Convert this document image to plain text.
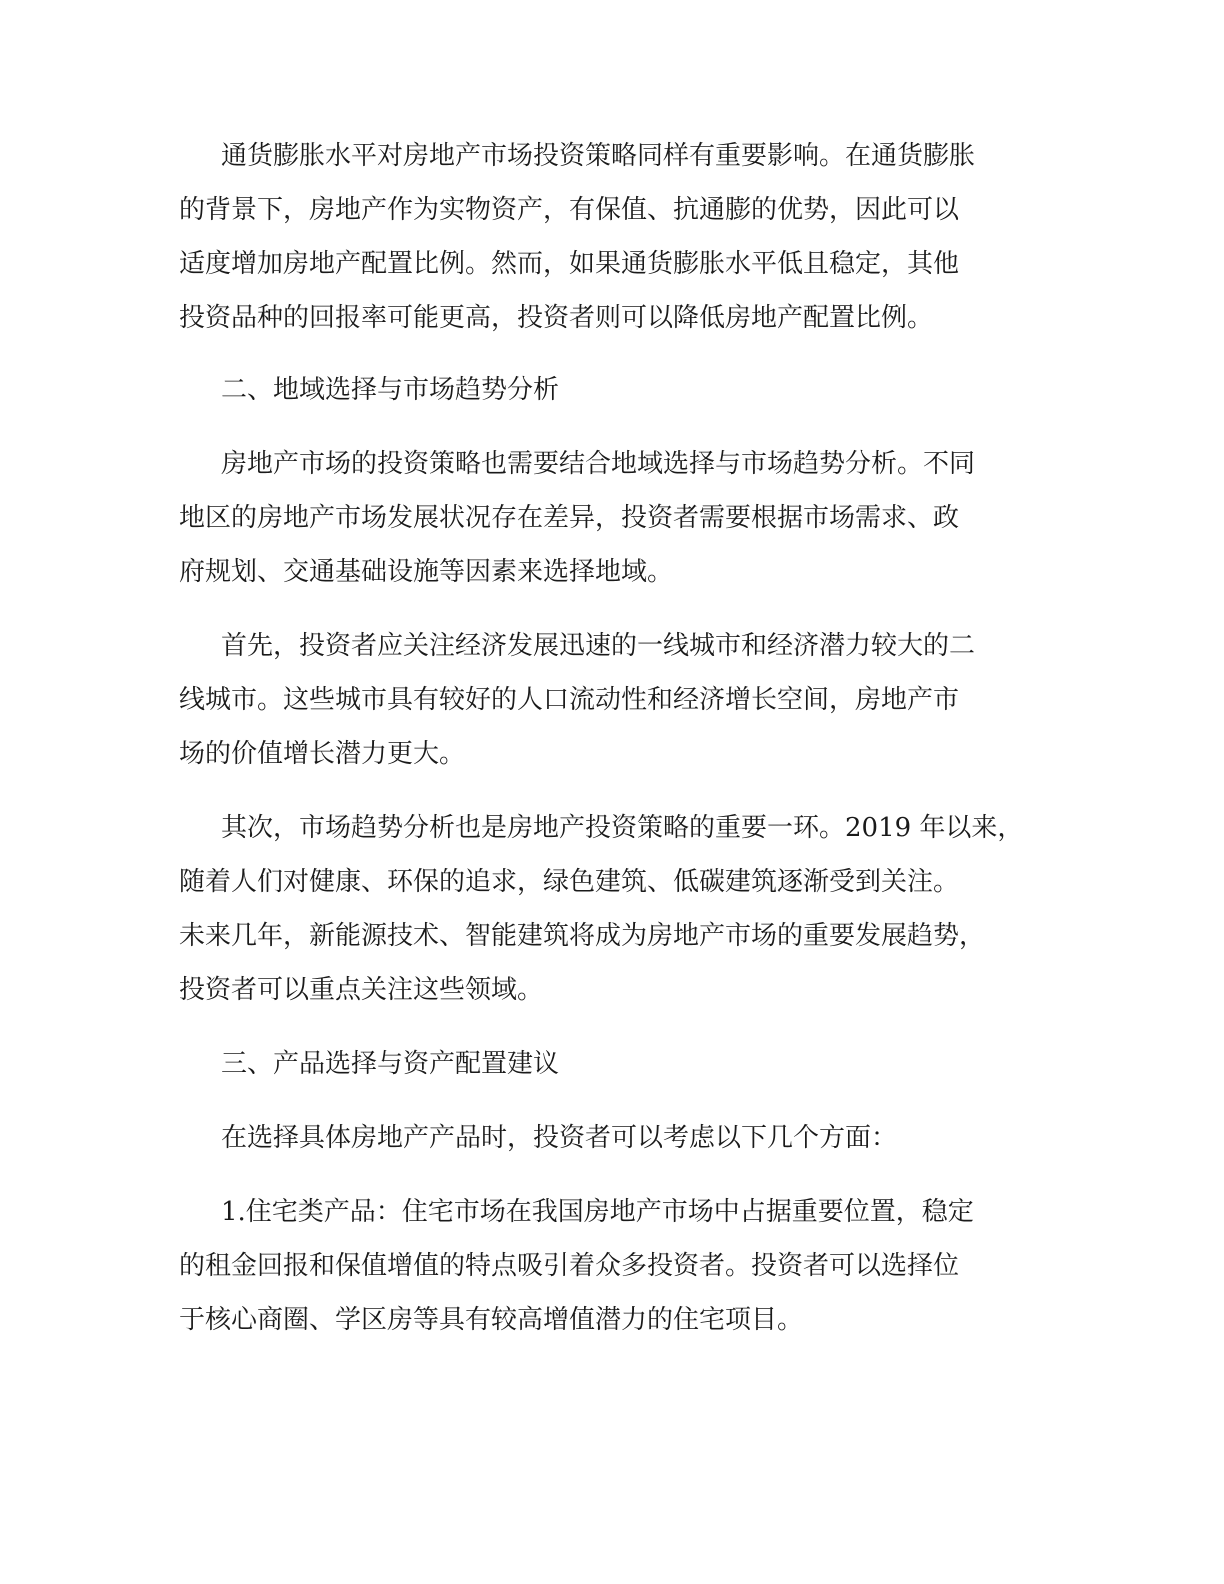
通货膨胀水平对房地产市场投资策略同样有重要影响。在通货膨胀
的背景下，房地产作为实物资产，有保值、抗通膨的优势，因此可以
适度增加房地产配置比例。然而，如果通货膨胀水平低且稳定，其他
投资品种的回报率可能更高，投资者则可以降低房地产配置比例。
二、地域选择与市场趋势分析
房地产市场的投资策略也需要结合地域选择与市场趋势分析。不同
地区的房地产市场发展状况存在差异，投资者需要根据市场需求、政
府规划、交通基础设施等因素来选择地域。
首先，投资者应关注经济发展迅速的一线城市和经济潜力较大的二
线城市。这些城市具有较好的人口流动性和经济增长空间，房地产市
场的价值增长潜力更大。
其次，市场趋势分析也是房地产投资策略的重要一环。2019 年以来，
随着人们对健康、环保的追求，绿色建筑、低碳建筑逐渐受到关注。
未来几年，新能源技术、智能建筑将成为房地产市场的重要发展趋势，
投资者可以重点关注这些领域。
三、产品选择与资产配置建议
在选择具体房地产产品时，投资者可以考虑以下几个方面：
1.住宅类产品：住宅市场在我国房地产市场中占据重要位置，稳定
的租金回报和保值增值的特点吸引着众多投资者。投资者可以选择位
于核心商圈、学区房等具有较高增值潜力的住宅项目。
